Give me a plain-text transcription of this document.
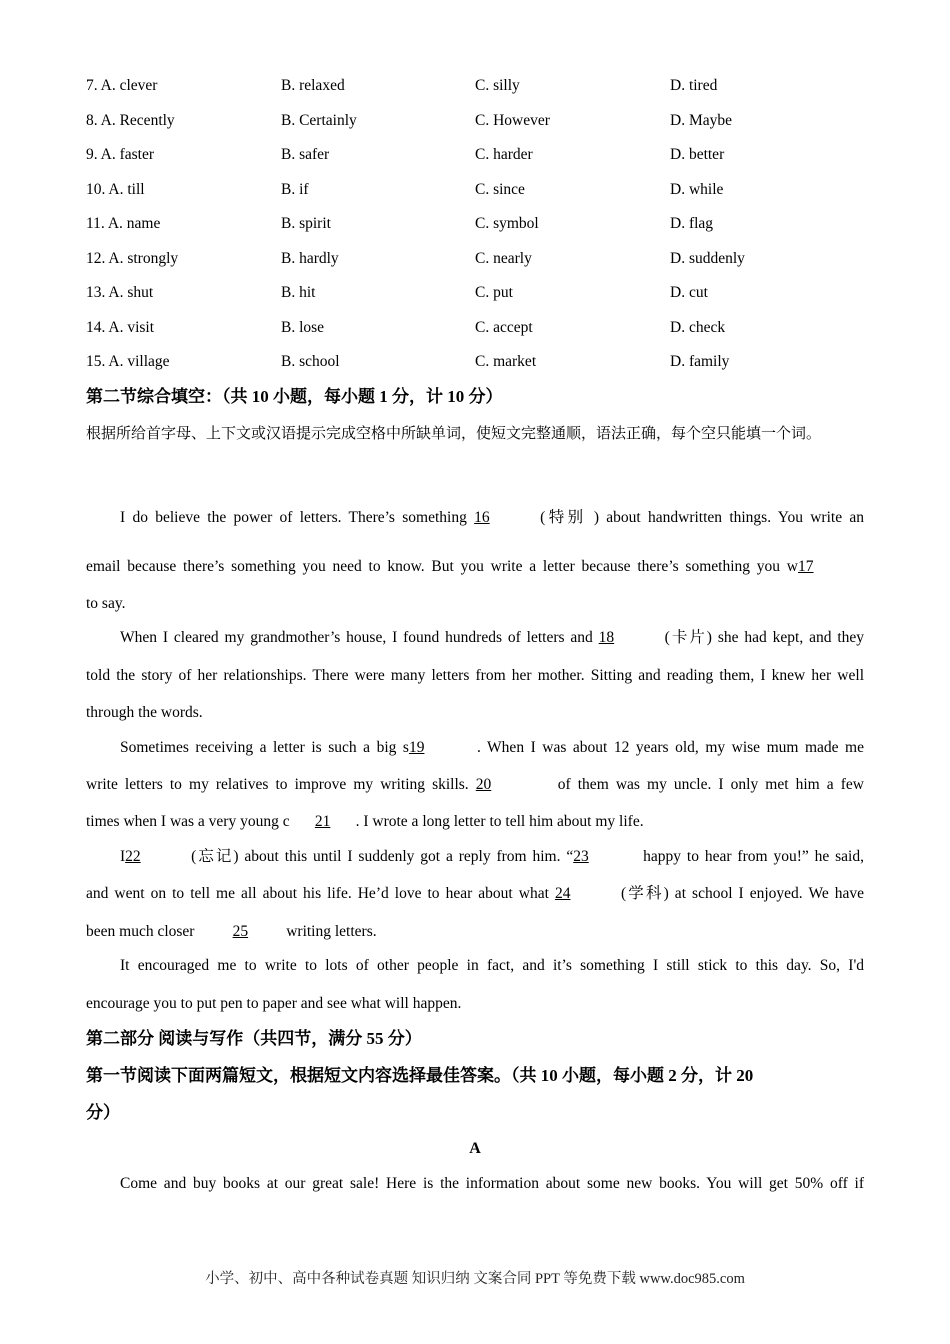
7. A. clever	B. relaxed	C. silly	D. tired
8. A. Recently	B. Certainly	C. However	D. Maybe
9. A. faster	B. safer	C. harder	D. better
10. A. till	B. if	C. since	D. while
11. A. name	B. spirit	C. symbol	D. flag
12. A. strongly	B. hardly	C. nearly	D. suddenly
13. A. shut	B. hit	C. put	D. cut
14. A. visit	B. lose	C. accept	D. check
15. A. village	B. school	C. market	D. family
第二节综合填空：（共 10 小题，每小题 1 分，计 10 分）
根据所给首字母、上下文或汉语提示完成空格中所缺单词，使短文完整通顺，语法正确，每个空只能填一个词。
I do believe the power of letters. There’s something 16	(特别 ) about handwritten things. You write an
email because there’s something you need to know. But you write a letter because there’s something you w17
to say.
When I cleared my grandmother’s house, I found hundreds of letters and 18	(卡片) she had kept, and they
told the story of her relationships. There were many letters from her mother. Sitting and reading them, I knew her well
through the words.
Sometimes receiving a letter is such a big s19	. When I was about 12 years old, my wise mum made me
write letters to my relatives to improve my writing skills. 20	of them was my uncle. I only met him a few
times when I was a very young c 21 . I wrote a long letter to tell him about my life.
I22	(忘记) about this until I suddenly got a reply from him. “23	happy to hear from you!” he said,
and went on to tell me all about his life. He’d love to hear about what 24	(学科) at school I enjoyed. We have
been much closer 25 writing letters.
It encouraged me to write to lots of other people in fact, and it’s something I still stick to this day. So, I'd
encourage you to put pen to paper and see what will happen.
第二部分 阅读与写作（共四节，满分 55 分）
第一节阅读下面两篇短文，根据短文内容选择最佳答案。（共 10 小题，每小题 2 分，计 20
分）
A
Come and buy books at our great sale! Here is the information about some new books. You will get 50% off if
小学、初中、高中各种试卷真题 知识归纳 文案合同 PPT 等免费下载 www.doc985.com
